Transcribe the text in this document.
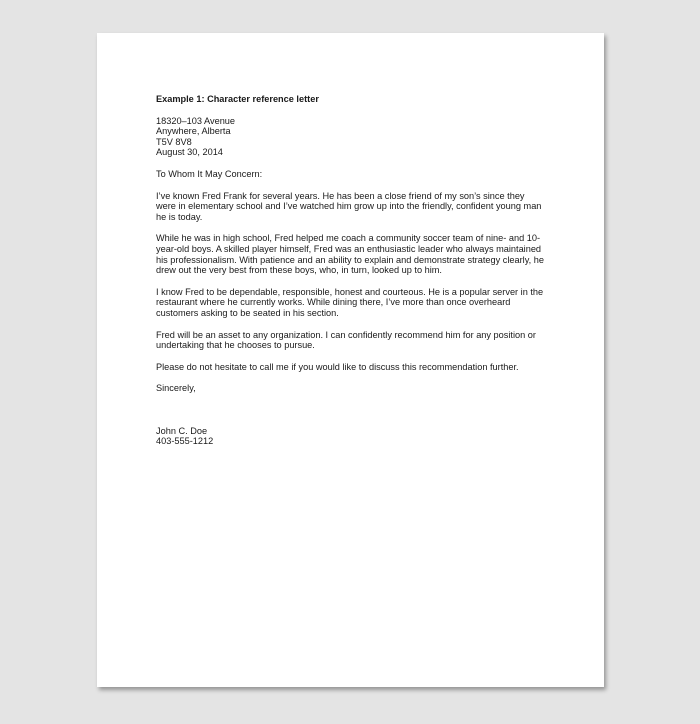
Example 1: Character reference letter

18320–103 Avenue

Anywhere, Alberta

T5V 8V8

August 30, 2014

To Whom It May Concern:

I’ve known Fred Frank for several years. He has been a close friend of my son’s since they

were in elementary school and I’ve watched him grow up into the friendly, confident young man

he is today.

While he was in high school, Fred helped me coach a community soccer team of nine- and 10-

year-old boys. A skilled player himself, Fred was an enthusiastic leader who always maintained

his professionalism. With patience and an ability to explain and demonstrate strategy clearly, he

drew out the very best from these boys, who, in turn, looked up to him.

I know Fred to be dependable, responsible, honest and courteous. He is a popular server in the

restaurant where he currently works. While dining there, I’ve more than once overheard

customers asking to be seated in his section.

Fred will be an asset to any organization. I can confidently recommend him for any position or

undertaking that he chooses to pursue.

Please do not hesitate to call me if you would like to discuss this recommendation further.

Sincerely,

John C. Doe

403-555-1212
